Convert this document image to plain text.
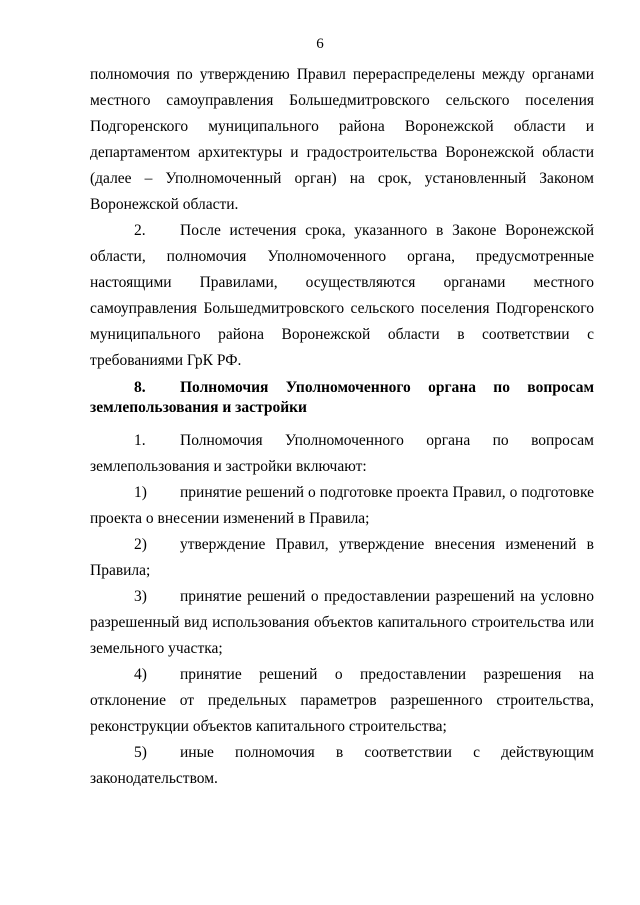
6

полномочия по утверждению Правил перераспределены между органами местного самоуправления Большедмитровского сельского поселения Подгоренского муниципального района Воронежской области и департаментом архитектуры и градостроительства Воронежской области (далее – Уполномоченный орган) на срок, установленный Законом Воронежской области.

2. После истечения срока, указанного в Законе Воронежской области, полномочия Уполномоченного органа, предусмотренные настоящими Правилами, осуществляются органами местного самоуправления Большедмитровского сельского поселения Подгоренского муниципального района Воронежской области в соответствии с требованиями ГрК РФ.

8. Полномочия Уполномоченного органа по вопросам землепользования и застройки

1. Полномочия Уполномоченного органа по вопросам землепользования и застройки включают:

1) принятие решений о подготовке проекта Правил, о подготовке проекта о внесении изменений в Правила;

2) утверждение Правил, утверждение внесения изменений в Правила;

3) принятие решений о предоставлении разрешений на условно разрешенный вид использования объектов капитального строительства или земельного участка;

4) принятие решений о предоставлении разрешения на отклонение от предельных параметров разрешенного строительства, реконструкции объектов капитального строительства;

5) иные полномочия в соответствии с действующим законодательством.
